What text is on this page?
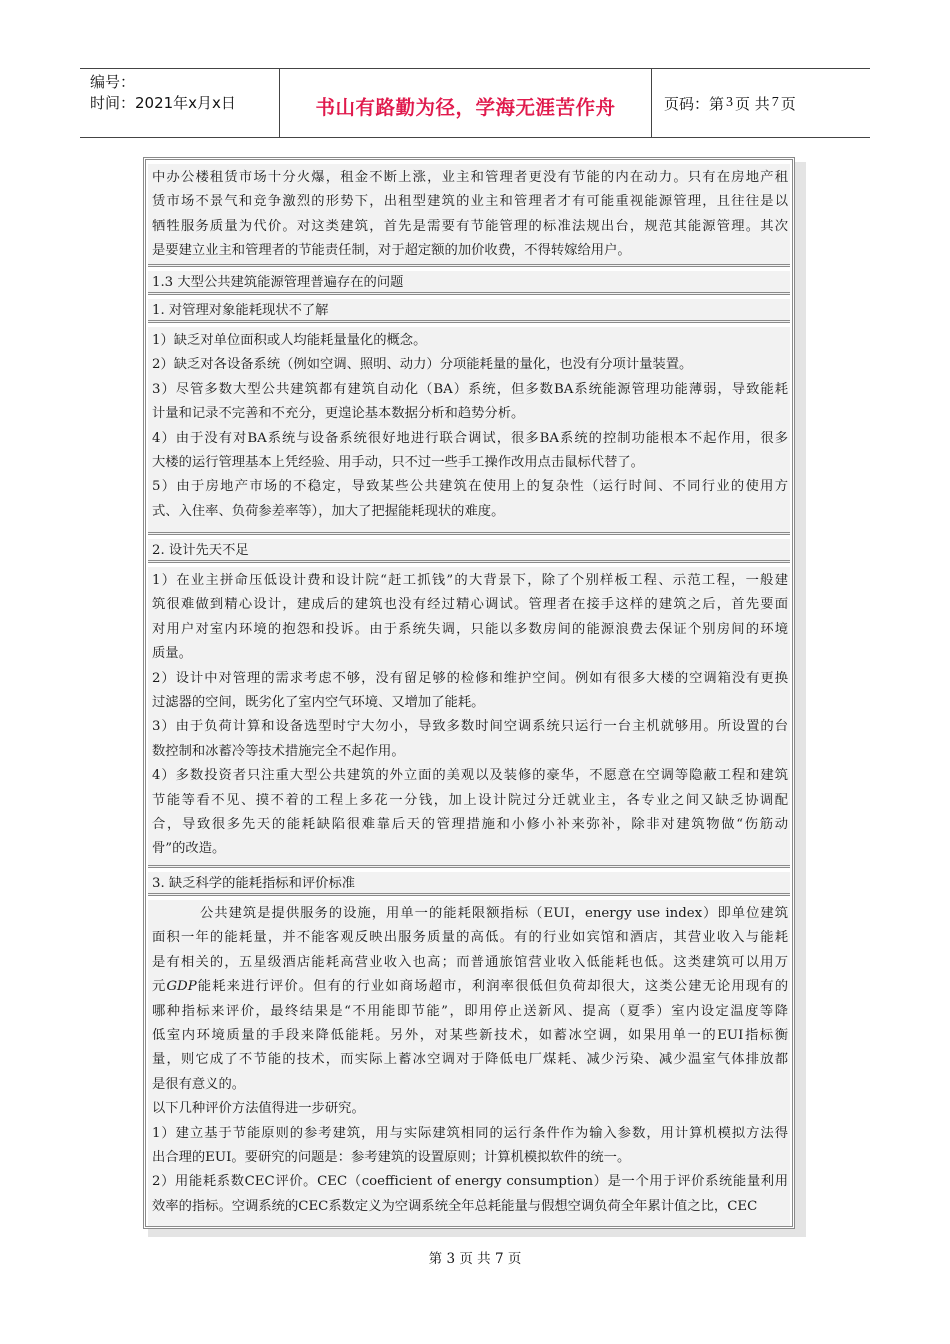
编号：
时间：2021年x月x日	书山有路勤为径，学海无涯苦作舟	页码：第 3 页 共 7 页
中办公楼租赁市场十分火爆，租金不断上涨，业主和管理者更没有节能的内在动力。只有在房地产租
赁市场不景气和竞争激烈的形势下，出租型建筑的业主和管理者才有可能重视能源管理，且往往是以
牺牲服务质量为代价。对这类建筑，首先是需要有节能管理的标准法规出台，规范其能源管理。其次
是要建立业主和管理者的节能责任制，对于超定额的加价收费，不得转嫁给用户。
1.3 大型公共建筑能源管理普遍存在的问题
1. 对管理对象能耗现状不了解
1）缺乏对单位面积或人均能耗量量化的概念。
2）缺乏对各设备系统（例如空调、照明、动力）分项能耗量的量化，也没有分项计量装置。
3）尽管多数大型公共建筑都有建筑自动化（BA）系统，但多数BA系统能源管理功能薄弱，导致能耗
计量和记录不完善和不充分，更遑论基本数据分析和趋势分析。
4）由于没有对BA系统与设备系统很好地进行联合调试，很多BA系统的控制功能根本不起作用，很多
大楼的运行管理基本上凭经验、用手动，只不过一些手工操作改用点击鼠标代替了。
5）由于房地产市场的不稳定，导致某些公共建筑在使用上的复杂性（运行时间、不同行业的使用方
式、入住率、负荷参差率等），加大了把握能耗现状的难度。
2. 设计先天不足
1）在业主拼命压低设计费和设计院“赶工抓钱”的大背景下，除了个别样板工程、示范工程，一般建
筑很难做到精心设计，建成后的建筑也没有经过精心调试。管理者在接手这样的建筑之后，首先要面
对用户对室内环境的抱怨和投诉。由于系统失调，只能以多数房间的能源浪费去保证个别房间的环境
质量。
2）设计中对管理的需求考虑不够，没有留足够的检修和维护空间。例如有很多大楼的空调箱没有更换
过滤器的空间，既劣化了室内空气环境、又增加了能耗。
3）由于负荷计算和设备选型时宁大勿小，导致多数时间空调系统只运行一台主机就够用。所设置的台
数控制和冰蓄冷等技术措施完全不起作用。
4）多数投资者只注重大型公共建筑的外立面的美观以及装修的豪华，不愿意在空调等隐蔽工程和建筑
节能等看不见、摸不着的工程上多花一分钱，加上设计院过分迁就业主，各专业之间又缺乏协调配
合，导致很多先天的能耗缺陷很难靠后天的管理措施和小修小补来弥补，除非对建筑物做“伤筋动
骨”的改造。
3. 缺乏科学的能耗指标和评价标准
公共建筑是提供服务的设施，用单一的能耗限额指标（EUI，energy use index）即单位建筑
面积一年的能耗量，并不能客观反映出服务质量的高低。有的行业如宾馆和酒店，其营业收入与能耗
是有相关的，五星级酒店能耗高营业收入也高；而普通旅馆营业收入低能耗也低。这类建筑可以用万
元GDP能耗来进行评价。但有的行业如商场超市，利润率很低但负荷却很大，这类公建无论用现有的
哪种指标来评价，最终结果是“不用能即节能”，即用停止送新风、提高（夏季）室内设定温度等降
低室内环境质量的手段来降低能耗。另外，对某些新技术，如蓄冰空调，如果用单一的EUI指标衡
量，则它成了不节能的技术，而实际上蓄冰空调对于降低电厂煤耗、减少污染、减少温室气体排放都
是很有意义的。
以下几种评价方法值得进一步研究。
1）建立基于节能原则的参考建筑，用与实际建筑相同的运行条件作为输入参数，用计算机模拟方法得
出合理的EUI。要研究的问题是：参考建筑的设置原则；计算机模拟软件的统一。
2）用能耗系数CEC评价。CEC（coefficient of energy consumption）是一个用于评价系统能量利用
效率的指标。空调系统的CEC系数定义为空调系统全年总耗能量与假想空调负荷全年累计值之比，CEC
第 3 页 共 7 页
